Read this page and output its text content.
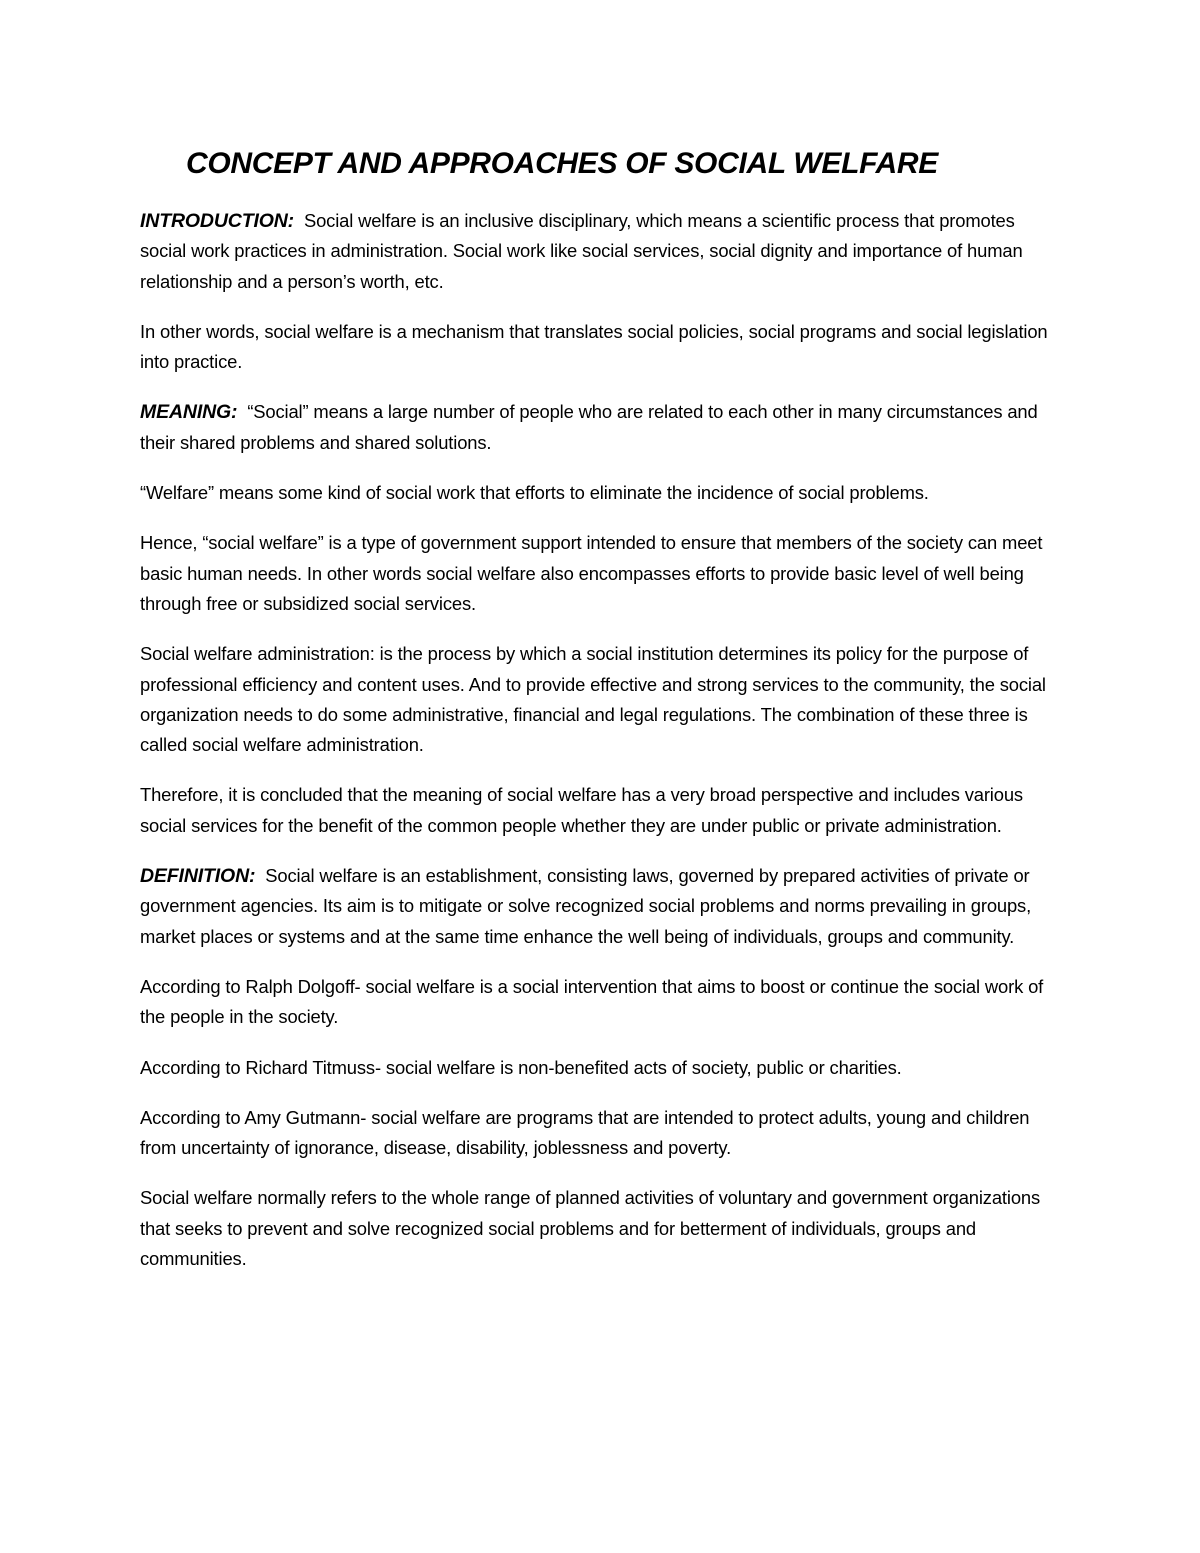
CONCEPT AND APPROACHES OF SOCIAL WELFARE

INTRODUCTION: Social welfare is an inclusive disciplinary, which means a scientific process that promotes social work practices in administration. Social work like social services, social dignity and importance of human relationship and a person’s worth, etc.

In other words, social welfare is a mechanism that translates social policies, social programs and social legislation into practice.

MEANING: “Social” means a large number of people who are related to each other in many circumstances and their shared problems and shared solutions.

“Welfare” means some kind of social work that efforts to eliminate the incidence of social problems.

Hence, “social welfare” is a type of government support intended to ensure that members of the society can meet basic human needs. In other words social welfare also encompasses efforts to provide basic level of well being through free or subsidized social services.

Social welfare administration: is the process by which a social institution determines its policy for the purpose of professional efficiency and content uses. And to provide effective and strong services to the community, the social organization needs to do some administrative, financial and legal regulations. The combination of these three is called social welfare administration.

Therefore, it is concluded that the meaning of social welfare has a very broad perspective and includes various social services for the benefit of the common people whether they are under public or private administration.

DEFINITION: Social welfare is an establishment, consisting laws, governed by prepared activities of private or government agencies. Its aim is to mitigate or solve recognized social problems and norms prevailing in groups, market places or systems and at the same time enhance the well being of individuals, groups and community.

According to Ralph Dolgoff- social welfare is a social intervention that aims to boost or continue the social work of the people in the society.

According to Richard Titmuss- social welfare is non-benefited acts of society, public or charities.

According to Amy Gutmann- social welfare are programs that are intended to protect adults, young and children from uncertainty of ignorance, disease, disability, joblessness and poverty.

Social welfare normally refers to the whole range of planned activities of voluntary and government organizations that seeks to prevent and solve recognized social problems and for betterment of individuals, groups and communities.
